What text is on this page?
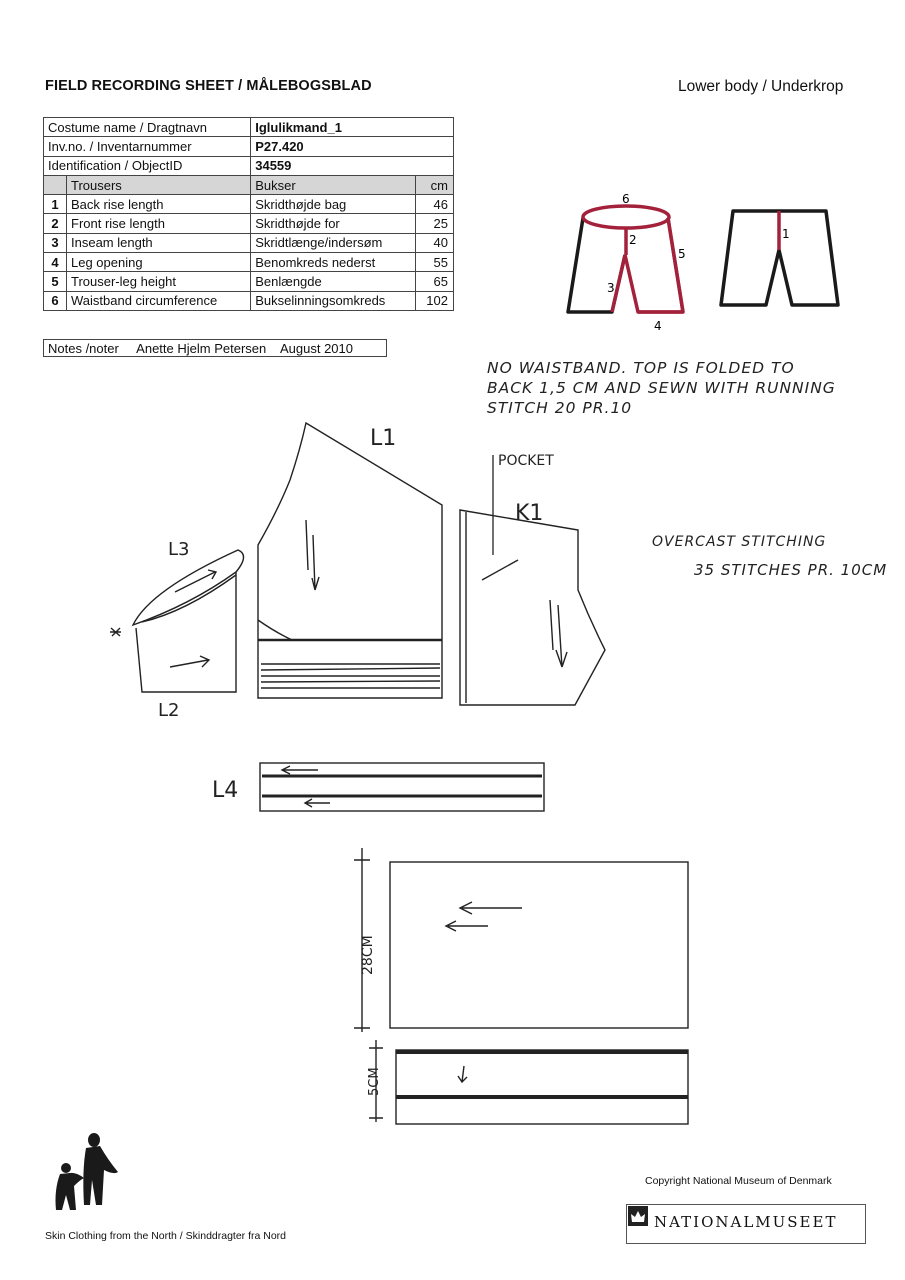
FIELD RECORDING SHEET / MÅLEBOGSBLAD	Lower body / Underkrop
Costume name / Dragtnavn		Iglulikmand_1	
Inv.no. / Inventarnummer		P27.420	
Identification / ObjectID		34559	
	Trousers	Bukser	cm
1	Back rise length	Skridthøjde bag	46
2	Front rise length	Skridthøjde for	25
3	Inseam length	Skridtlænge/indersøm	40
4	Leg opening	Benomkreds nederst	55
5	Trouser-leg height	Benlængde	65
6	Waistband circumference	Bukselinningsomkreds	102
Notes /noter Anette Hjelm Petersen August 2010
NO WAISTBAND. TOP IS FOLDED TO
BACK 1,5 CM AND SEWN WITH RUNNING
STITCH 20 PR.10
OVERCAST STITCHING
35 STITCHES PR. 10CM
6
2
5
3
4
1
L1
POCKET
K1
L3
L2
L4
28CM
5CM
Copyright National Museum of Denmark
NATIONALMUSEET
Skin Clothing from the North / Skinddragter fra Nord
